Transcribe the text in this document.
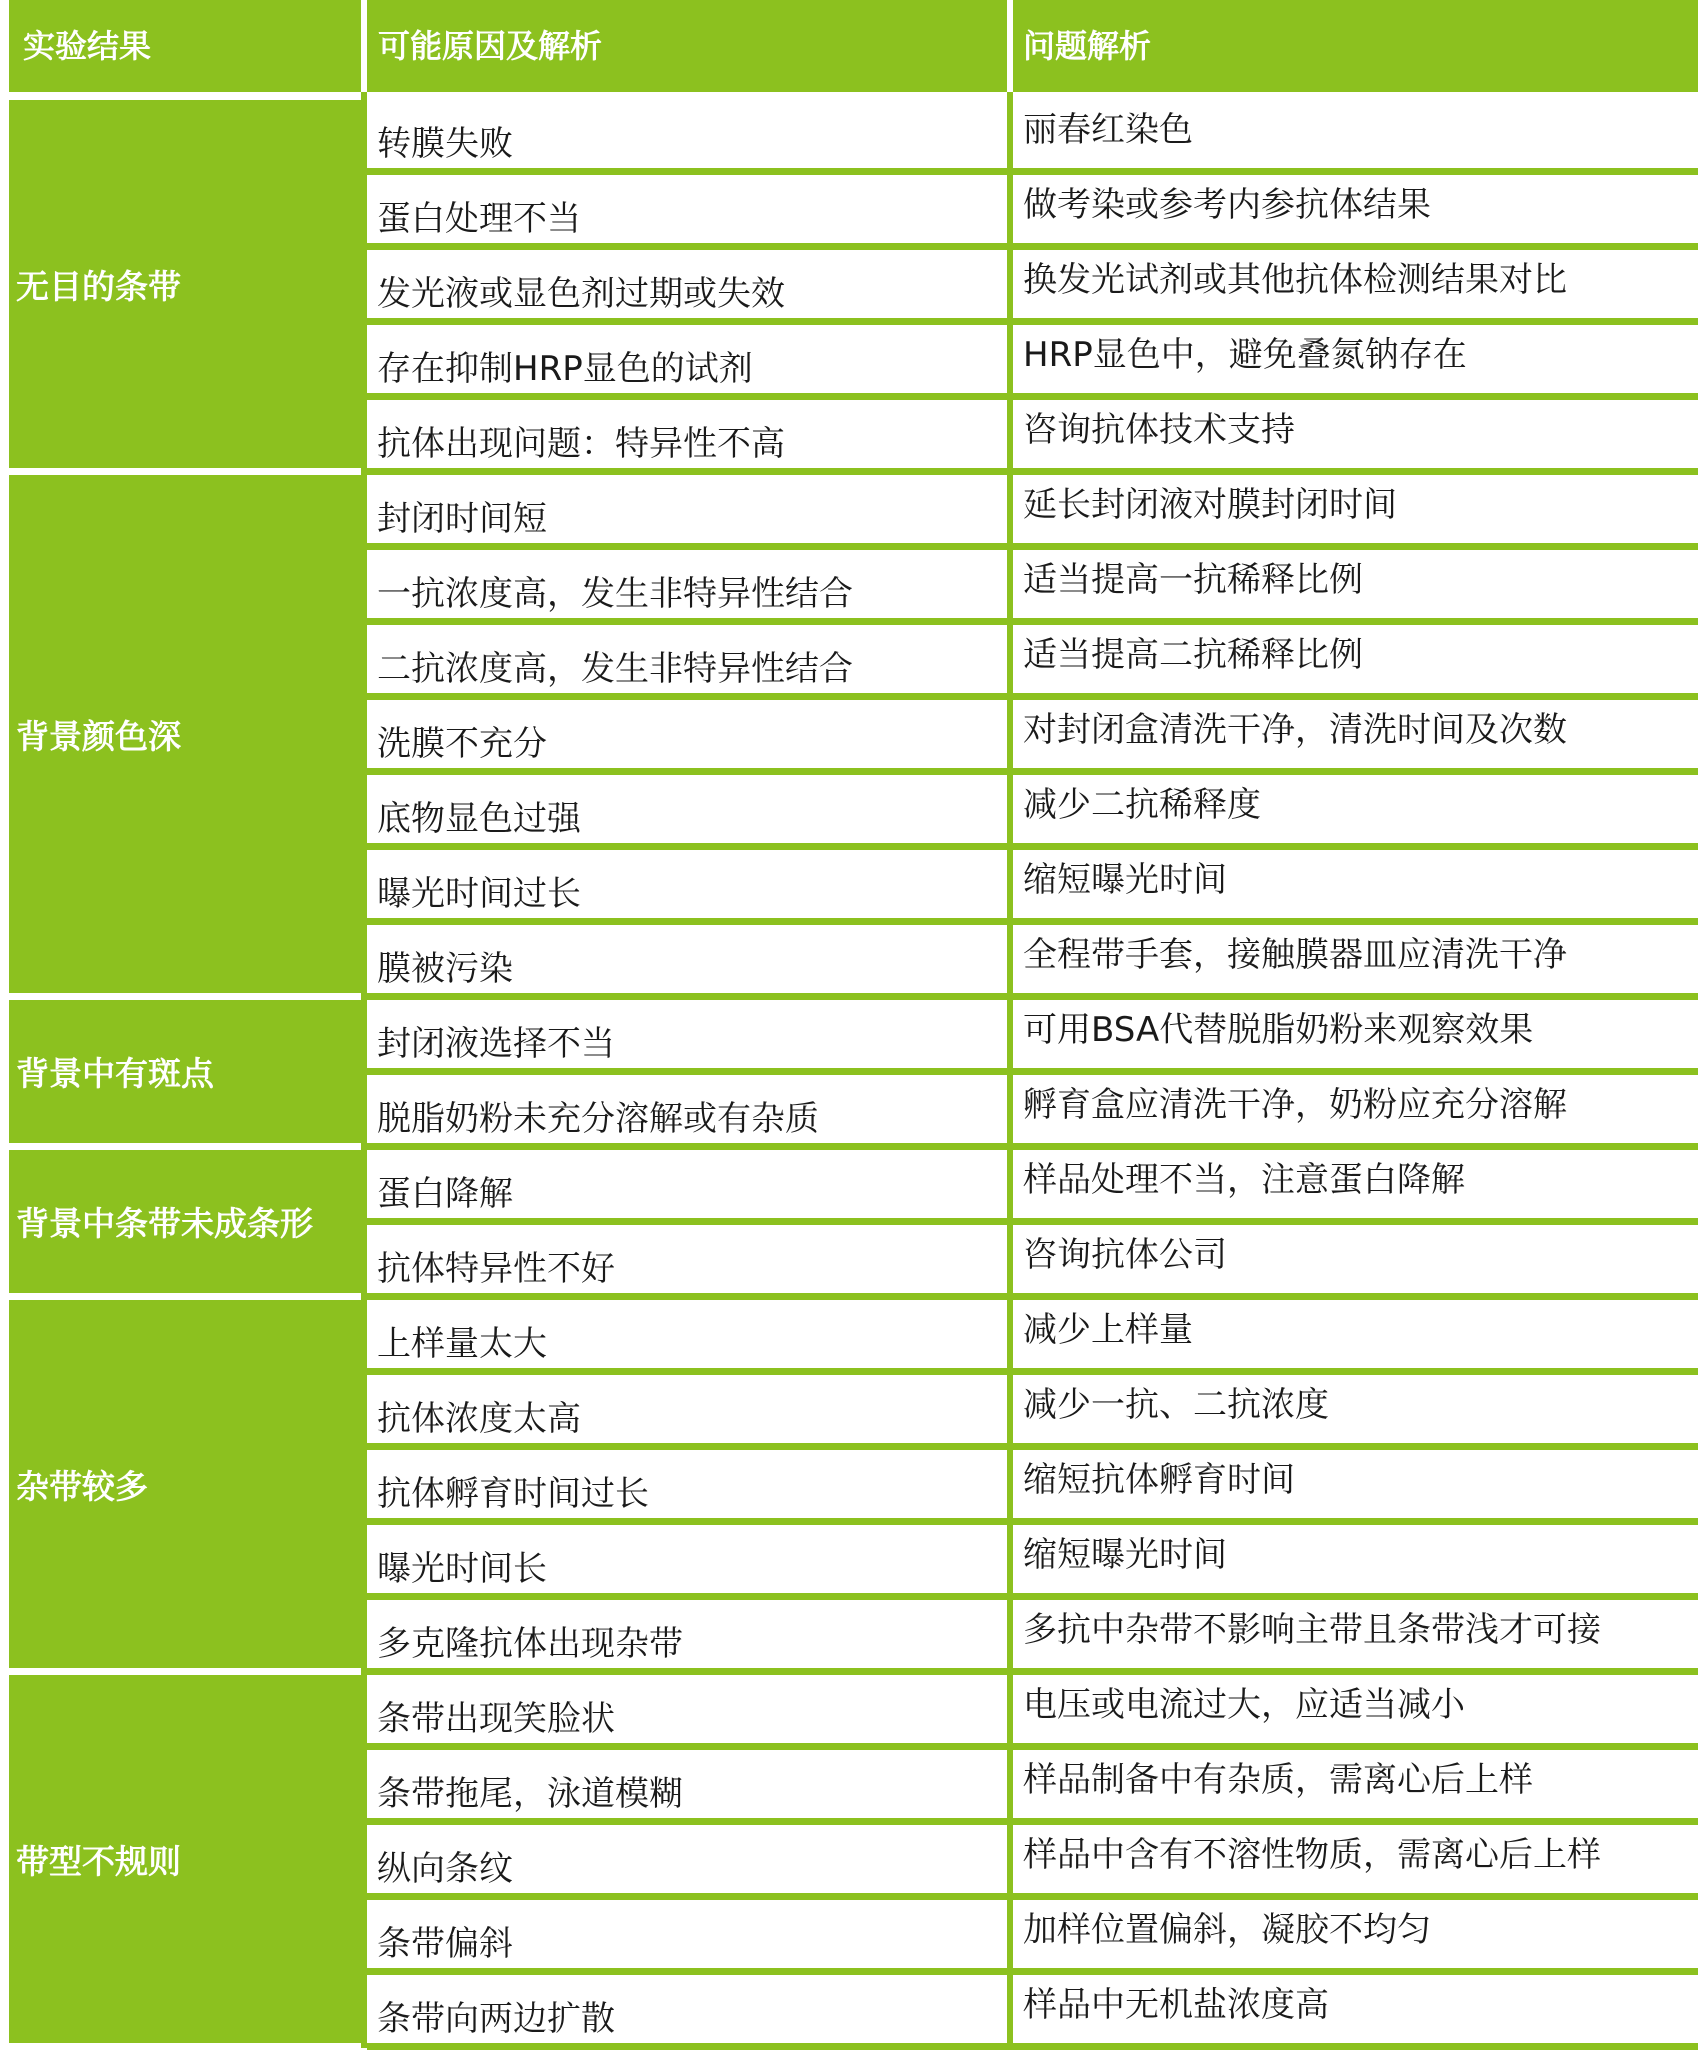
实验结果	可能原因及解析	问题解析
无目的条带
转膜失败	丽春红染色
蛋白处理不当	做考染或参考内参抗体结果
发光液或显色剂过期或失效	换发光试剂或其他抗体检测结果对比
存在抑制HRP显色的试剂	HRP显色中，避免叠氮钠存在
抗体出现问题：特异性不高	咨询抗体技术支持
背景颜色深
封闭时间短	延长封闭液对膜封闭时间
一抗浓度高，发生非特异性结合	适当提高一抗稀释比例
二抗浓度高，发生非特异性结合	适当提高二抗稀释比例
洗膜不充分	对封闭盒清洗干净，清洗时间及次数
底物显色过强	减少二抗稀释度
曝光时间过长	缩短曝光时间
膜被污染	全程带手套，接触膜器皿应清洗干净
背景中有斑点
封闭液选择不当	可用BSA代替脱脂奶粉来观察效果
脱脂奶粉未充分溶解或有杂质	孵育盒应清洗干净，奶粉应充分溶解
背景中条带未成条形
蛋白降解	样品处理不当，注意蛋白降解
抗体特异性不好	咨询抗体公司
杂带较多
上样量太大	减少上样量
抗体浓度太高	减少一抗、二抗浓度
抗体孵育时间过长	缩短抗体孵育时间
曝光时间长	缩短曝光时间
多克隆抗体出现杂带	多抗中杂带不影响主带且条带浅才可接
带型不规则
条带出现笑脸状	电压或电流过大，应适当减小
条带拖尾，泳道模糊	样品制备中有杂质，需离心后上样
纵向条纹	样品中含有不溶性物质，需离心后上样
条带偏斜	加样位置偏斜，凝胶不均匀
条带向两边扩散	样品中无机盐浓度高
